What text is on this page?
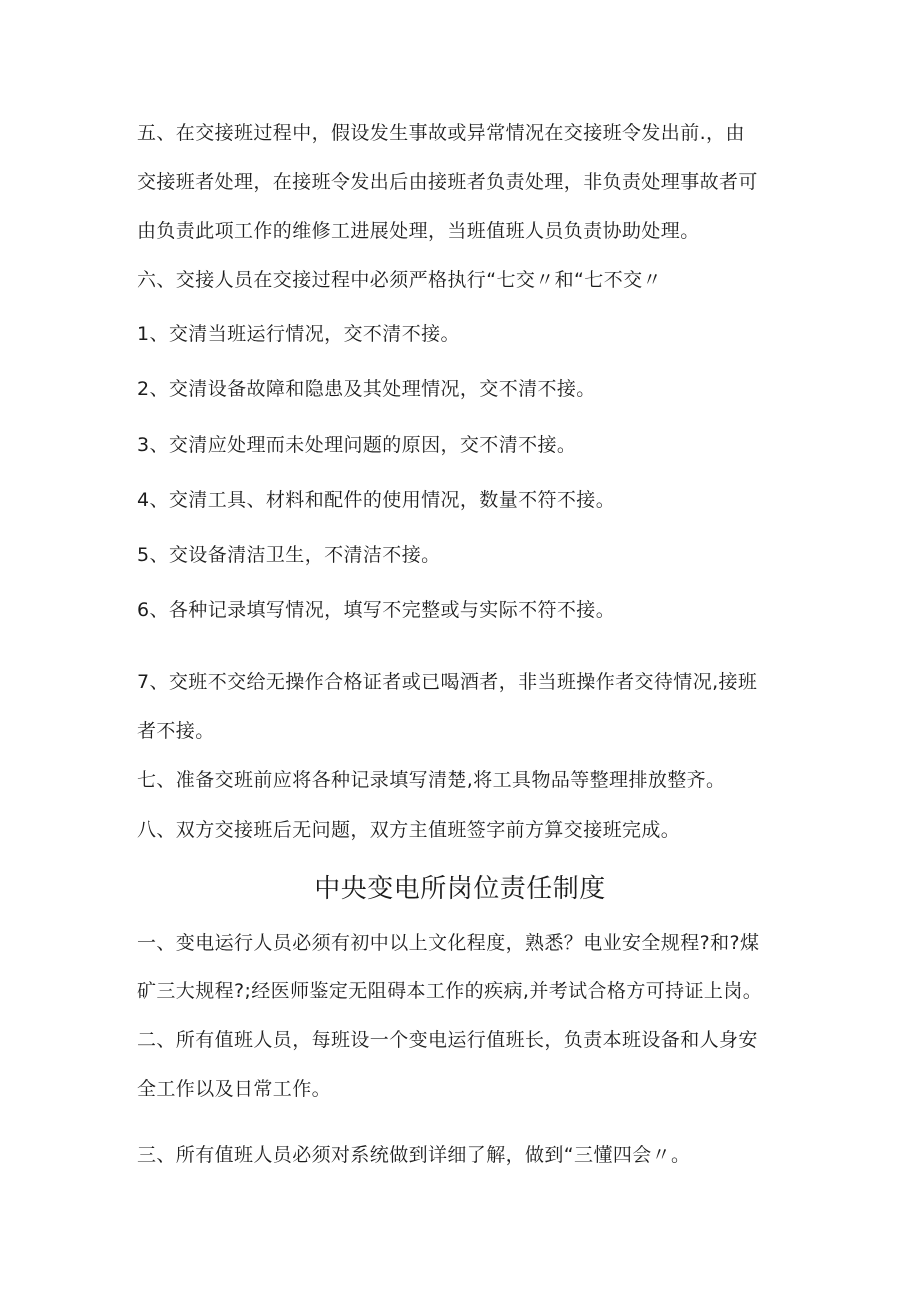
五、在交接班过程中，假设发生事故或异常情况在交接班令发出前.，由
交接班者处理，在接班令发出后由接班者负责处理，非负责处理事故者可
由负责此项工作的维修工进展处理，当班值班人员负责协助处理。
六、交接人员在交接过程中必须严格执行“七交〃和“七不交〃
1、交清当班运行情况，交不清不接。
2、交清设备故障和隐患及其处理情况，交不清不接。
3、交清应处理而未处理问题的原因，交不清不接。
4、交清工具、材料和配件的使用情况，数量不符不接。
5、交设备清洁卫生，不清洁不接。
6、各种记录填写情况，填写不完整或与实际不符不接。
7、交班不交给无操作合格证者或已喝酒者，非当班操作者交待情况,接班
者不接。
七、准备交班前应将各种记录填写清楚,将工具物品等整理排放整齐。
八、双方交接班后无问题，双方主值班签字前方算交接班完成。
中央变电所岗位责任制度
一、变电运行人员必须有初中以上文化程度，熟悉？电业安全规程?和?煤
矿三大规程?;经医师鉴定无阻碍本工作的疾病,并考试合格方可持证上岗。
二、所有值班人员，每班设一个变电运行值班长，负责本班设备和人身安
全工作以及日常工作。
三、所有值班人员必须对系统做到详细了解，做到“三懂四会〃。
